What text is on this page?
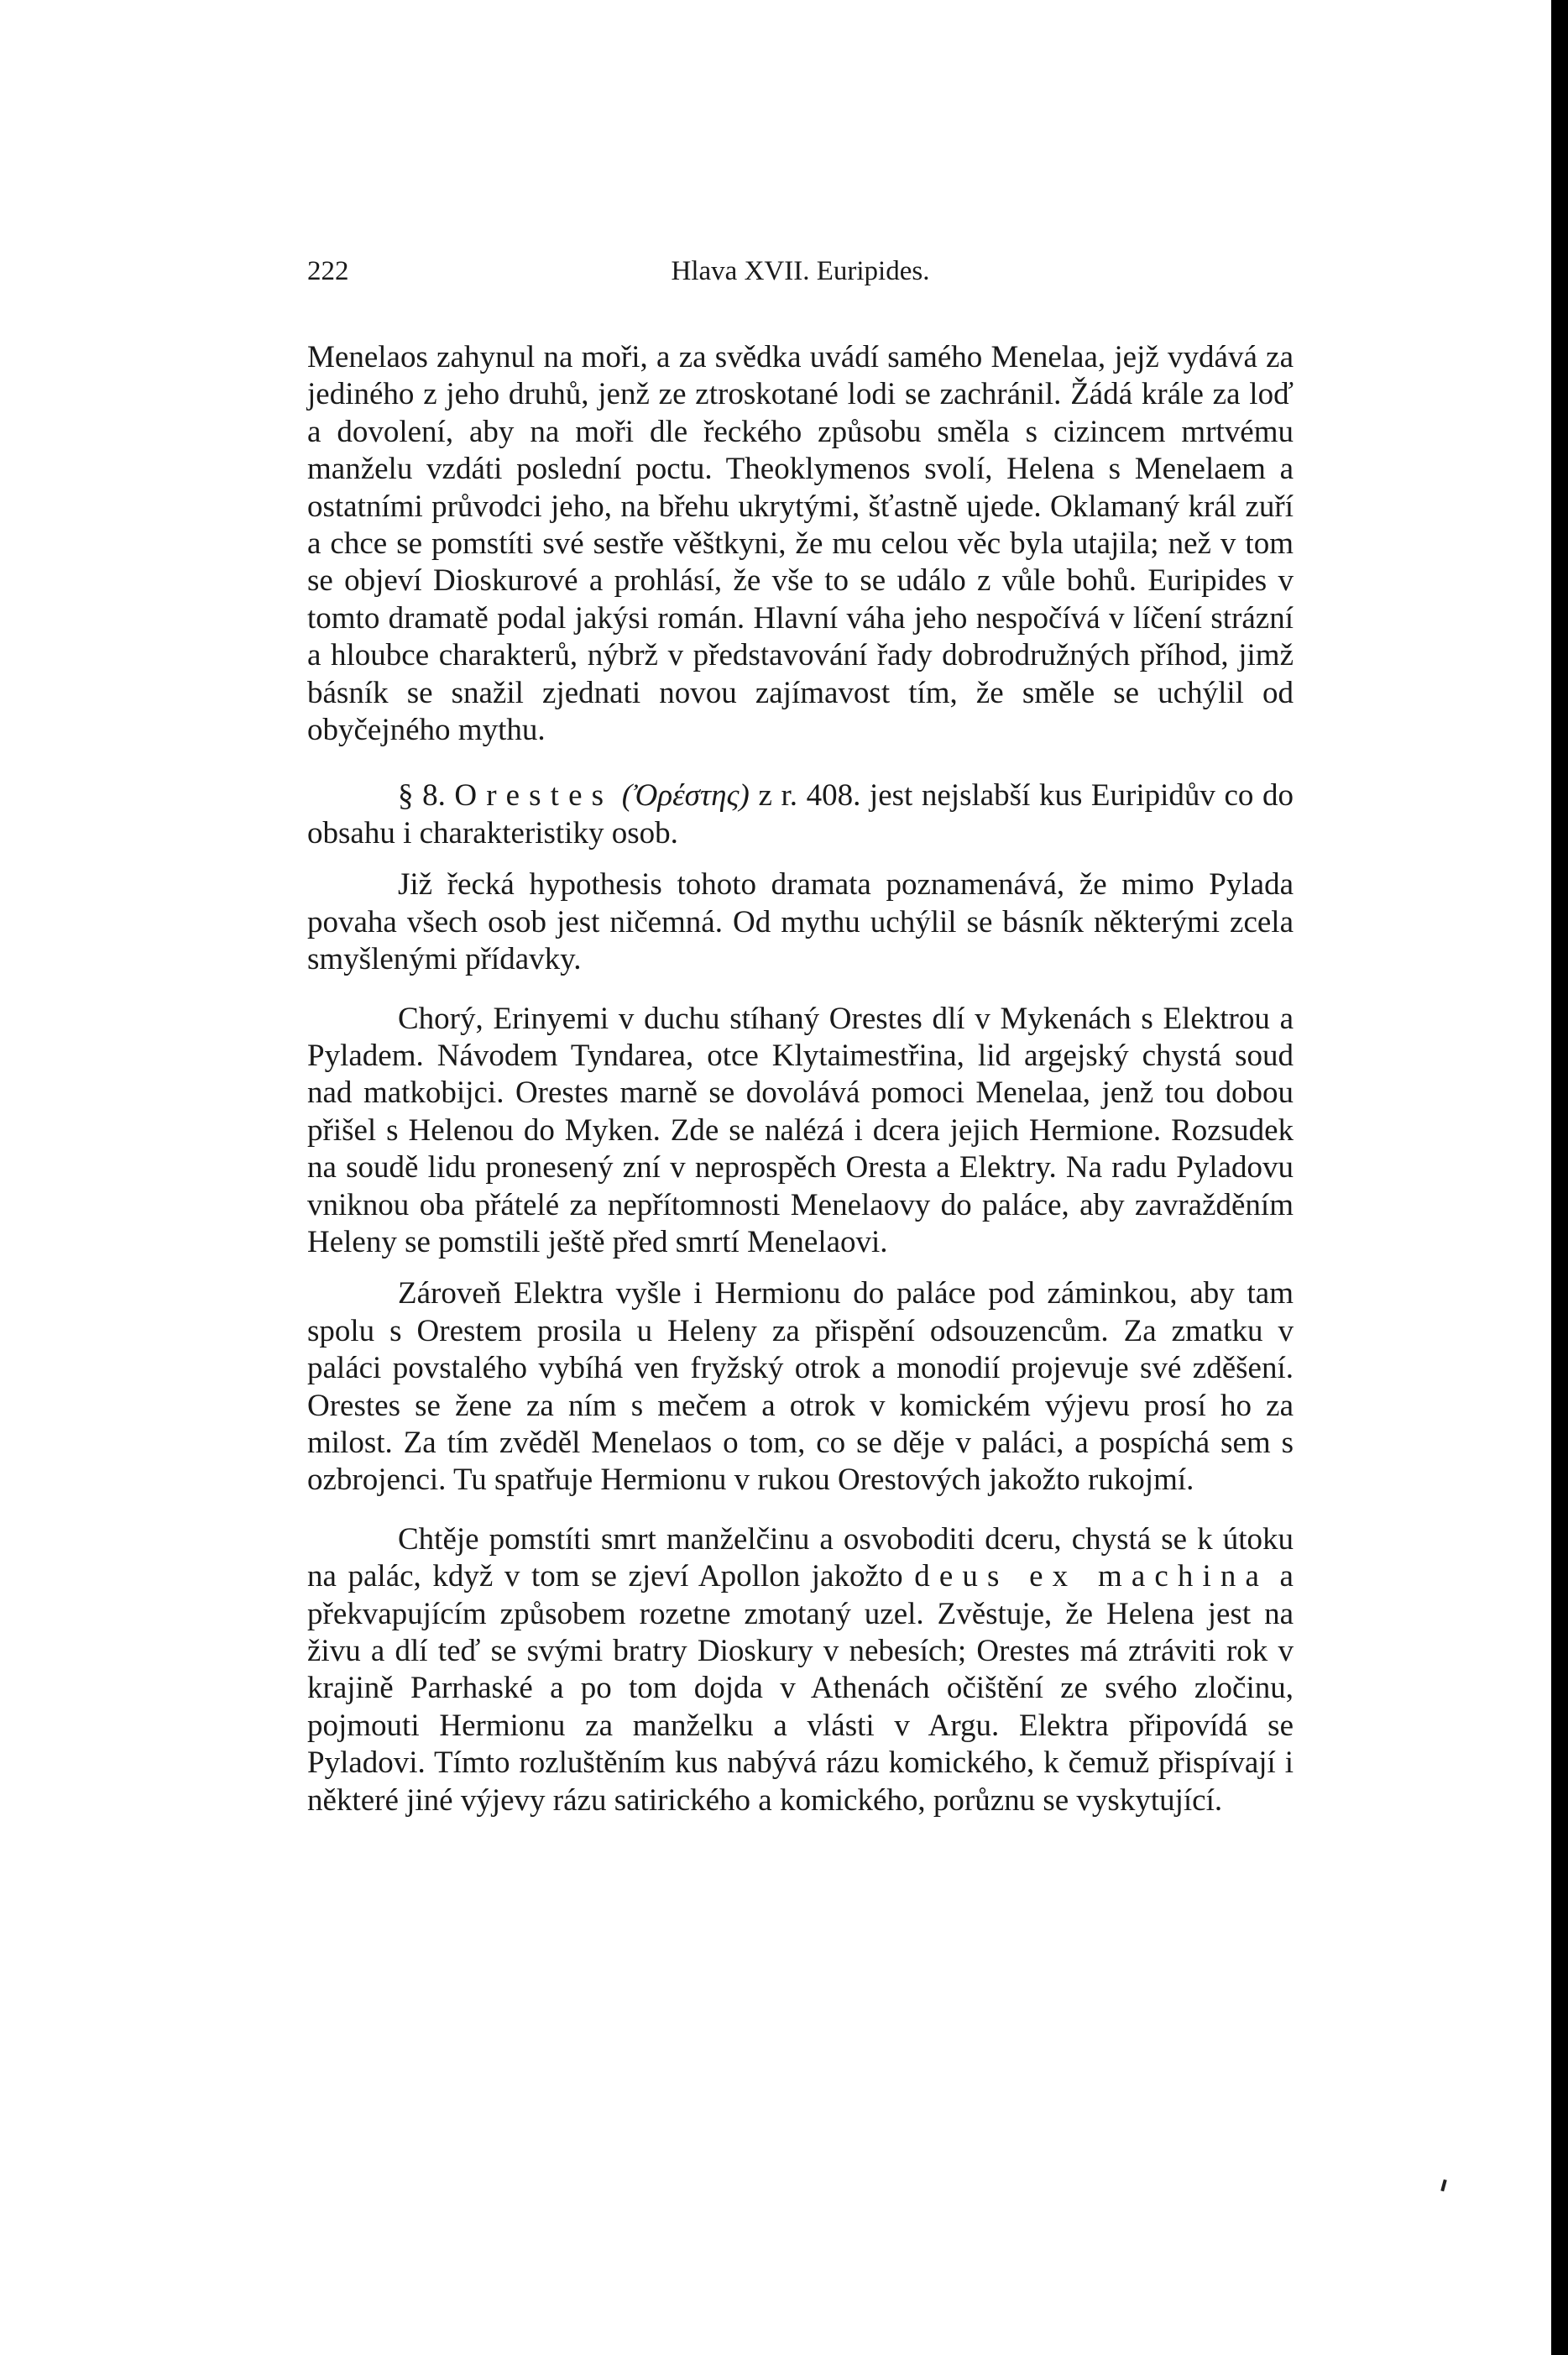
222	Hlava XVII. Euripides.

Menelaos zahynul na moři, a za svědka uvádí samého Menelaa, jejž vydává za jediného z jeho druhů, jenž ze ztroskotané lodi se zachránil. Žádá krále za loď a dovolení, aby na moři dle řeckého způsobu směla s cizincem mrtvému manželu vzdáti poslední poctu. Theoklymenos svolí, Helena s Menelaem a ostatními průvodci jeho, na břehu ukrytými, šťastně ujede. Oklamaný král zuří a chce se pomstíti své sestře věštkyni, že mu celou věc byla utajila; než v tom se objeví Dioskurové a prohlásí, že vše to se událo z vůle bohů. Euripides v tomto dramatě podal jakýsi román. Hlavní váha jeho nespočívá v líčení strázní a hloubce charakterů, nýbrž v představování řady dobrodružných příhod, jimž básník se snažil zjednati novou zajímavost tím, že směle se uchýlil od obyčejného mythu.

§ 8. Orestes (Ὀρέστης) z r. 408. jest nejslabší kus Euripidův co do obsahu i charakteristiky osob.

Již řecká hypothesis tohoto dramata poznamenává, že mimo Pylada povaha všech osob jest ničemná. Od mythu uchýlil se básník některými zcela smyšlenými přídavky.

Chorý, Erinyemi v duchu stíhaný Orestes dlí v Mykenách s Elektrou a Pyladem. Návodem Tyndarea, otce Klytaimestřina, lid argejský chystá soud nad matkobijci. Orestes marně se dovolává pomoci Menelaa, jenž tou dobou přišel s Helenou do Myken. Zde se nalézá i dcera jejich Hermione. Rozsudek na soudě lidu pronesený zní v neprospěch Oresta a Elektry. Na radu Pyladovu vniknou oba přátelé za nepřítomnosti Menelaovy do paláce, aby zavražděním Heleny se pomstili ještě před smrtí Menelaovi.

Zároveň Elektra vyšle i Hermionu do paláce pod záminkou, aby tam spolu s Orestem prosila u Heleny za přispění odsouzencům. Za zmatku v paláci povstalého vybíhá ven fryžský otrok a monodií projevuje své zděšení. Orestes se žene za ním s mečem a otrok v komickém výjevu prosí ho za milost. Za tím zvěděl Menelaos o tom, co se děje v paláci, a pospíchá sem s ozbrojenci. Tu spatřuje Hermionu v rukou Orestových jakožto rukojmí.

Chtěje pomstíti smrt manželčinu a osvoboditi dceru, chystá se k útoku na palác, když v tom se zjeví Apollon jakožto deus ex machina a překvapujícím způsobem rozetne zmotaný uzel. Zvěstuje, že Helena jest na živu a dlí teď se svými bratry Dioskury v nebesích; Orestes má ztráviti rok v krajině Parrhaské a po tom dojda v Athenách očištění ze svého zločinu, pojmouti Hermionu za manželku a vlásti v Argu. Elektra připovídá se Pyladovi. Tímto rozluštěním kus nabývá rázu komického, k čemuž přispívají i některé jiné výjevy rázu satirického a komického, porůznu se vyskytující.
